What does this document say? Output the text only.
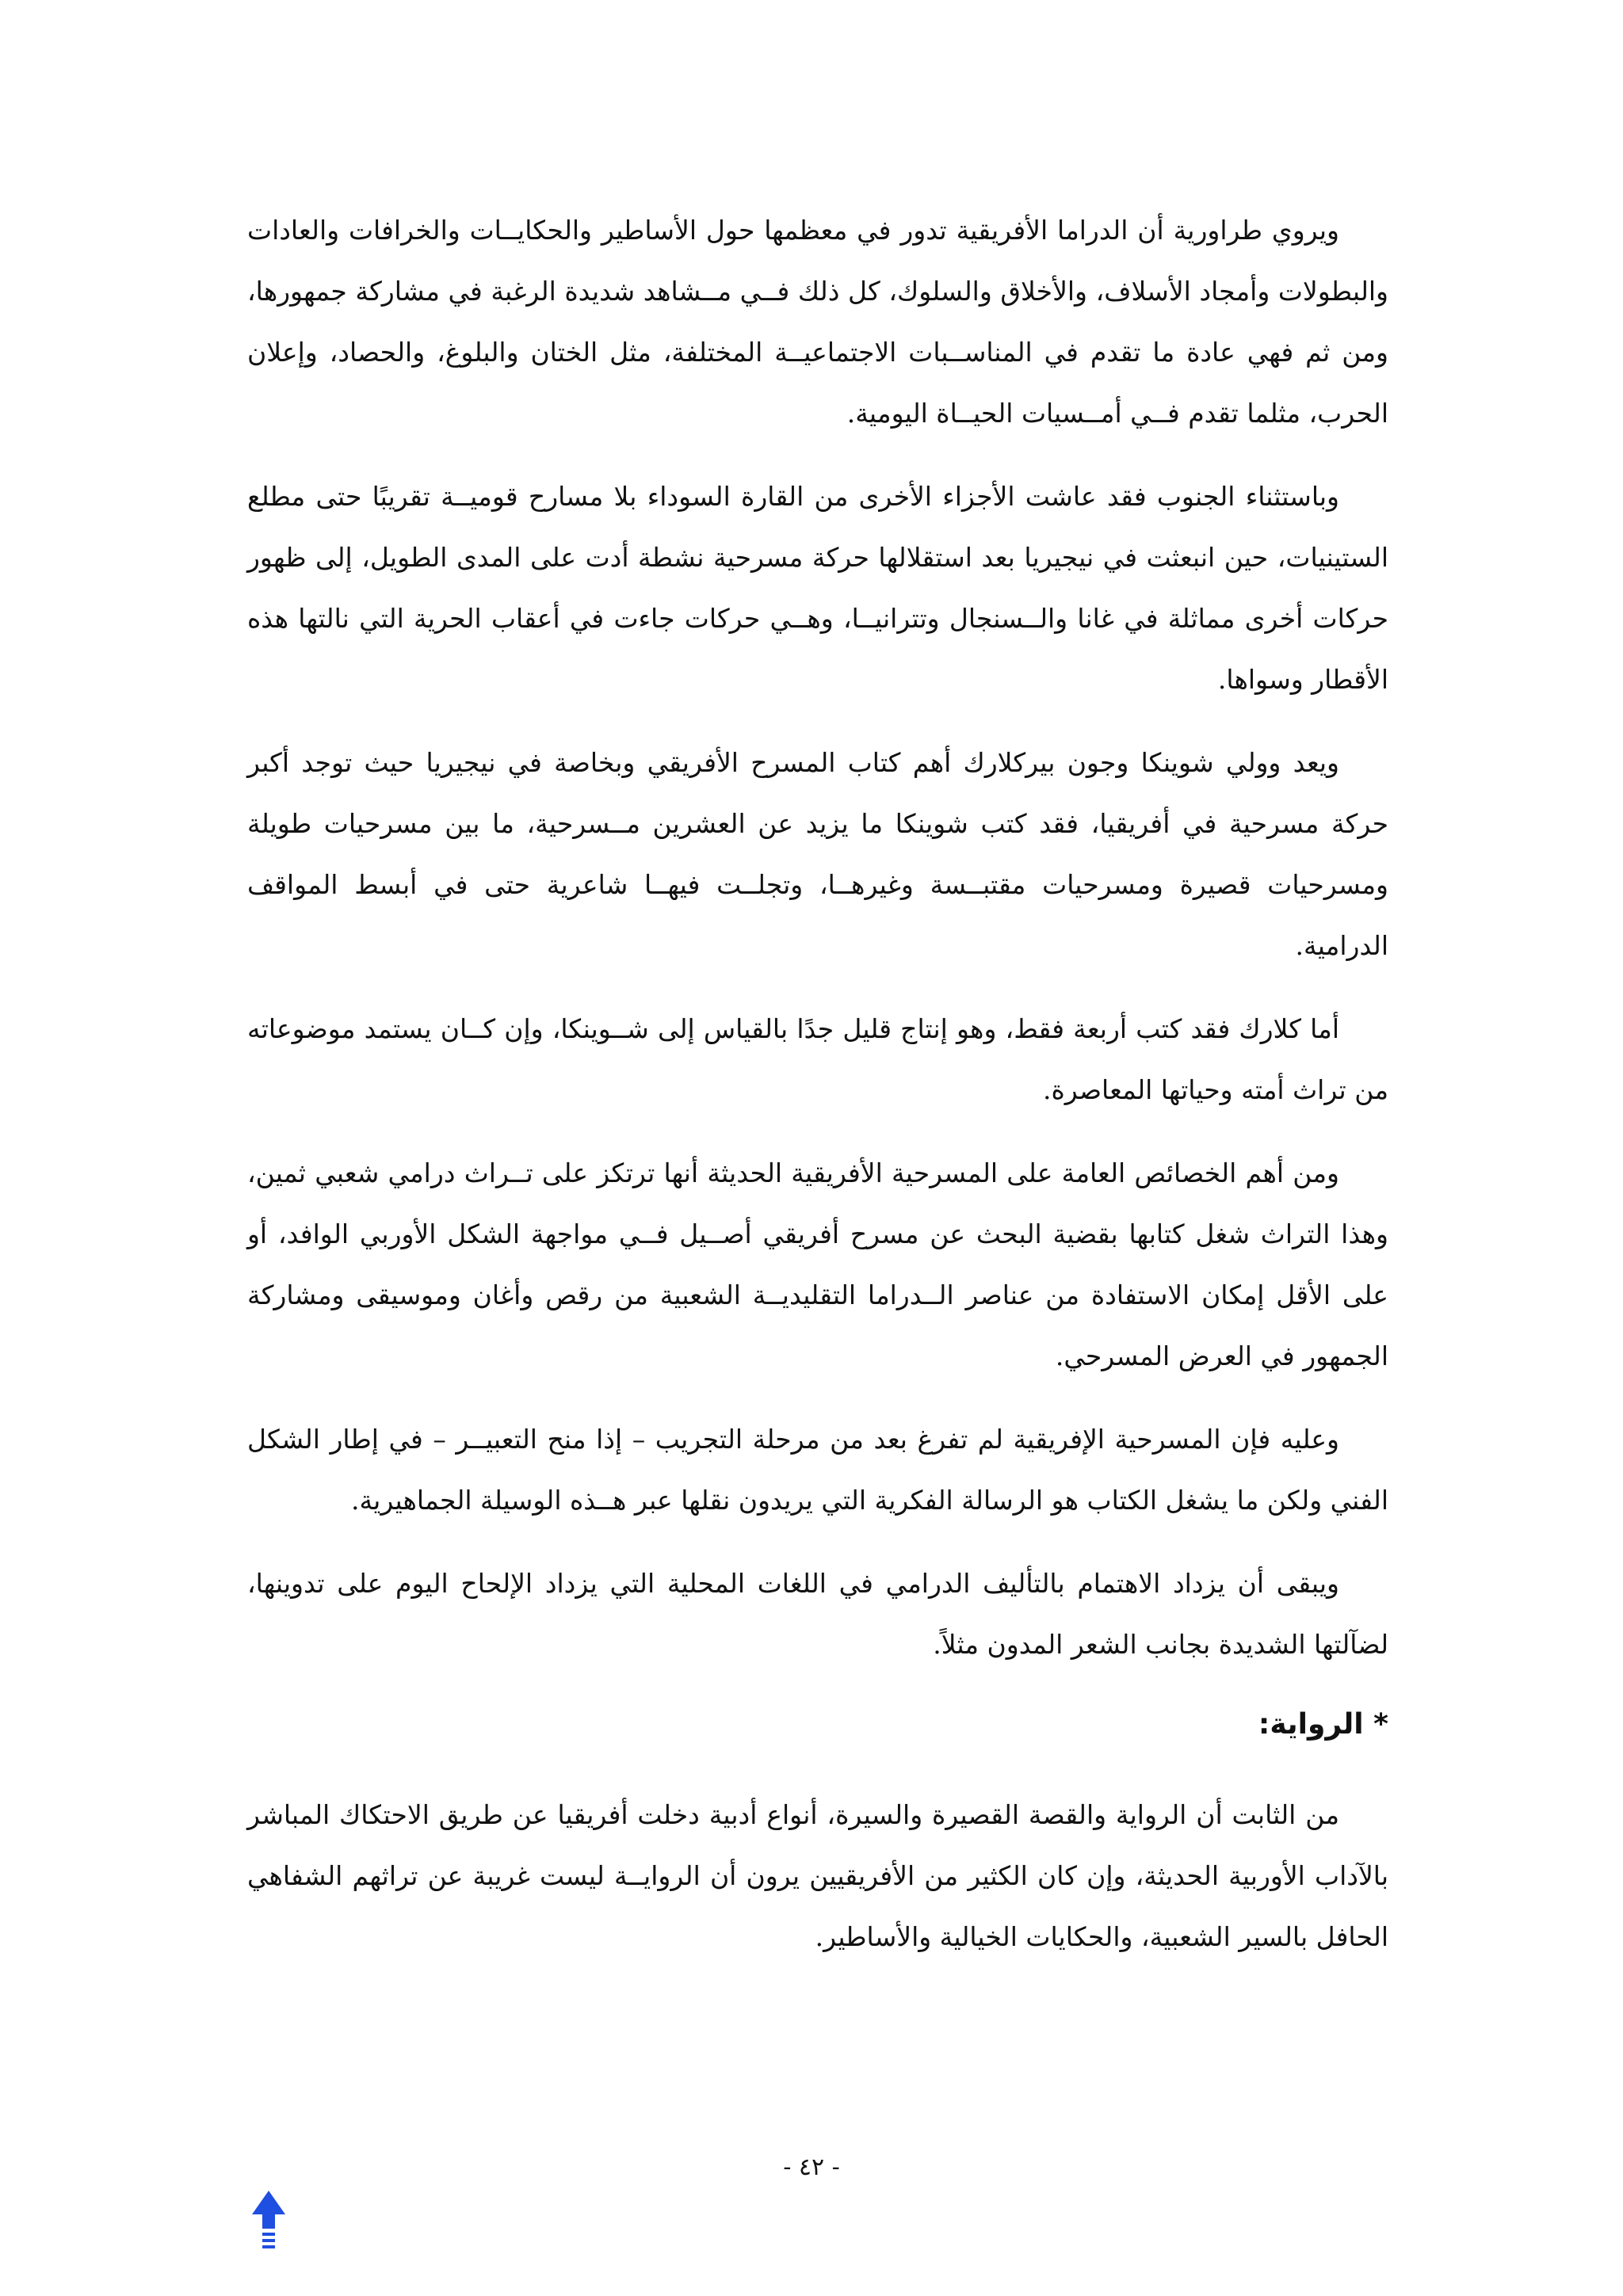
ويروي طراورية أن الدراما الأفريقية تدور في معظمها حول الأساطير والحكايــات والخرافات والعادات والبطولات وأمجاد الأسلاف، والأخلاق والسلوك، كل ذلك فــي مــشاهد شديدة الرغبة في مشاركة جمهورها، ومن ثم فهي عادة ما تقدم في المناســبات الاجتماعيــة المختلفة، مثل الختان والبلوغ، والحصاد، وإعلان الحرب، مثلما تقدم فــي أمــسيات الحيــاة اليومية.

وباستثناء الجنوب فقد عاشت الأجزاء الأخرى من القارة السوداء بلا مسارح قوميــة تقريبًا حتى مطلع الستينيات، حين انبعثت في نيجيريا بعد استقلالها حركة مسرحية نشطة أدت على المدى الطويل، إلى ظهور حركات أخرى مماثلة في غانا والــسنجال وتترانيــا، وهــي حركات جاءت في أعقاب الحرية التي نالتها هذه الأقطار وسواها.

ويعد وولي شوينكا وجون بيركلارك أهم كتاب المسرح الأفريقي وبخاصة في نيجيريا حيث توجد أكبر حركة مسرحية في أفريقيا، فقد كتب شوينكا ما يزيد عن العشرين مــسرحية، ما بين مسرحيات طويلة ومسرحيات قصيرة ومسرحيات مقتبــسة وغيرهــا، وتجلــت فيهــا شاعرية حتى في أبسط المواقف الدرامية.

أما كلارك فقد كتب أربعة فقط، وهو إنتاج قليل جدًا بالقياس إلى شــوينكا، وإن كــان يستمد موضوعاته من تراث أمته وحياتها المعاصرة.

ومن أهم الخصائص العامة على المسرحية الأفريقية الحديثة أنها ترتكز على تــراث درامي شعبي ثمين، وهذا التراث شغل كتابها بقضية البحث عن مسرح أفريقي أصــيل فــي مواجهة الشكل الأوربي الوافد، أو على الأقل إمكان الاستفادة من عناصر الــدراما التقليديــة الشعبية من رقص وأغان وموسيقى ومشاركة الجمهور في العرض المسرحي.

وعليه فإن المسرحية الإفريقية لم تفرغ بعد من مرحلة التجريب – إذا منح التعبيــر – في إطار الشكل الفني ولكن ما يشغل الكتاب هو الرسالة الفكرية التي يريدون نقلها عبر هــذه الوسيلة الجماهيرية.

ويبقى أن يزداد الاهتمام بالتأليف الدرامي في اللغات المحلية التي يزداد الإلحاح اليوم على تدوينها، لضآلتها الشديدة بجانب الشعر المدون مثلاً.

* الرواية:

من الثابت أن الرواية والقصة القصيرة والسيرة، أنواع أدبية دخلت أفريقيا عن طريق الاحتكاك المباشر بالآداب الأوربية الحديثة، وإن كان الكثير من الأفريقيين يرون أن الروايــة ليست غريبة عن تراثهم الشفاهي الحافل بالسير الشعبية، والحكايات الخيالية والأساطير.

- ٤٢ -
